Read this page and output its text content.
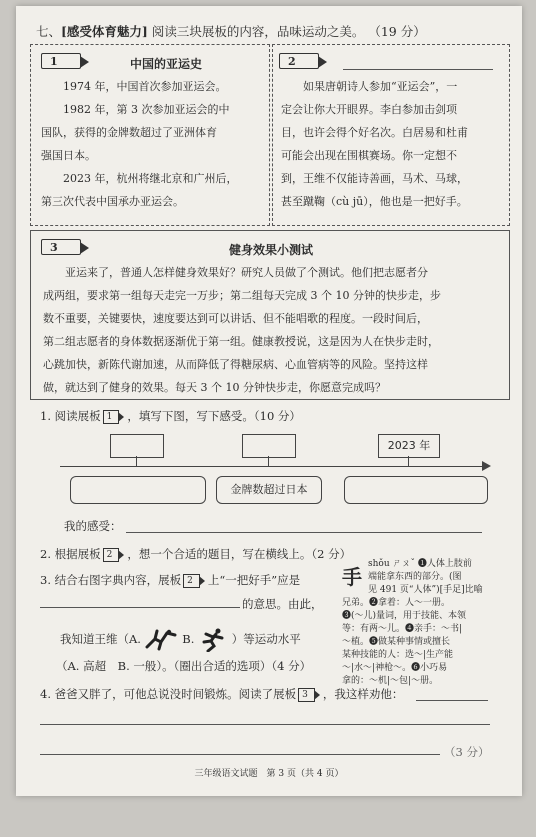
七、[感受体育魅力] 阅读三块展板的内容，品味运动之美。 （19 分）
1	中国的亚运史
1974 年，中国首次参加亚运会。
1982 年，第 3 次参加亚运会的中
国队，获得的金牌数超过了亚洲体育
强国日本。
2023 年，杭州将继北京和广州后，
第三次代表中国承办亚运会。
2
如果唐朝诗人参加“亚运会”，一
定会让你大开眼界。李白参加击剑项
目，也许会得个好名次。白居易和杜甫
可能会出现在围棋赛场。你一定想不
到，王维不仅能诗善画，马术、马球，
甚至蹴鞠（cù jū），他也是一把好手。
3	健身效果小测试
亚运来了，普通人怎样健身效果好？研究人员做了个测试。他们把志愿者分
成两组，要求第一组每天走完一万步；第二组每天完成 3 个 10 分钟的快步走，步
数不重要，关键要快，速度要达到可以讲话、但不能唱歌的程度。一段时间后，
第二组志愿者的身体数据逐渐优于第一组。健康教授说，这是因为人在快步走时，
心跳加快，新陈代谢加速，从而降低了得糖尿病、心血管病等的风险。坚持这样
做，就达到了健身的效果。每天 3 个 10 分钟快步走，你愿意完成吗？
1. 阅读展板 1 ，填写下图，写下感受。（10 分）
2023 年
金牌数超过日本
我的感受：
2. 根据展板 2 ，想一个合适的题目，写在横线上。（2 分）
3. 结合右图字典内容，展板 2 上“一把好手”应是
的意思。由此，
我知道王维（A.	B.	）等运动水平
（A. 高超　B. 一般）。（圈出合适的选项）（4 分）
手
shǒu ㄕㄡˇ ❶人体上肢前
端能拿东西的部分。(图
见 491 页“人体”)[手足]比喻
兄弟。❷拿着：人～一册。
❸(～儿)量词，用于技能、本领
等：有两～儿。❹亲手：～书|
～植。❺做某种事情或擅长
某种技能的人：选～|生产能
～|水～|神枪～。❻小巧易
拿的：～机|～包|～册。
4. 爸爸又胖了，可他总说没时间锻炼。阅读了展板 3 ，我这样劝他：
（3 分）
三年级语文试题　第 3 页（共 4 页）
